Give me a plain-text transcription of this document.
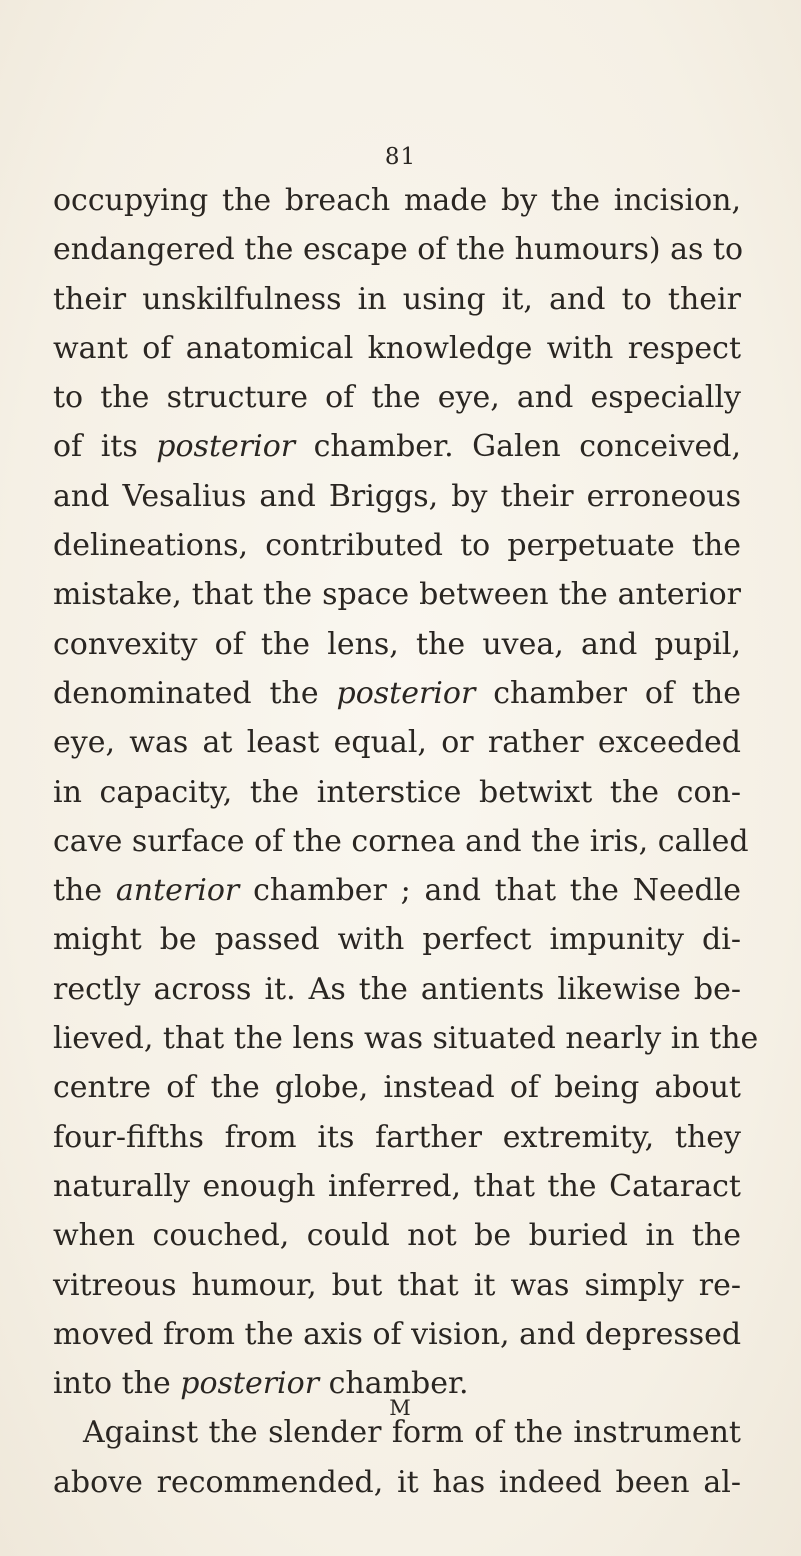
81
occupying the breach made by the incision,
endangered the escape of the humours) as to
their unskilfulness in using it, and to their
want of anatomical knowledge with respect
to the structure of the eye, and especially
of its posterior chamber. Galen conceived,
and Vesalius and Briggs, by their erroneous
delineations, contributed to perpetuate the
mistake, that the space between the anterior
convexity of the lens, the uvea, and pupil,
denominated the posterior chamber of the
eye, was at least equal, or rather exceeded
in capacity, the interstice betwixt the con-
cave surface of the cornea and the iris, called
the anterior chamber ; and that the Needle
might be passed with perfect impunity di-
rectly across it. As the antients likewise be-
lieved, that the lens was situated nearly in the
centre of the globe, instead of being about
four-fifths from its farther extremity, they
naturally enough inferred, that the Cataract
when couched, could not be buried in the
vitreous humour, but that it was simply re-
moved from the axis of vision, and depressed
into the posterior chamber.
Against the slender form of the instrument
above recommended, it has indeed been al-
M
